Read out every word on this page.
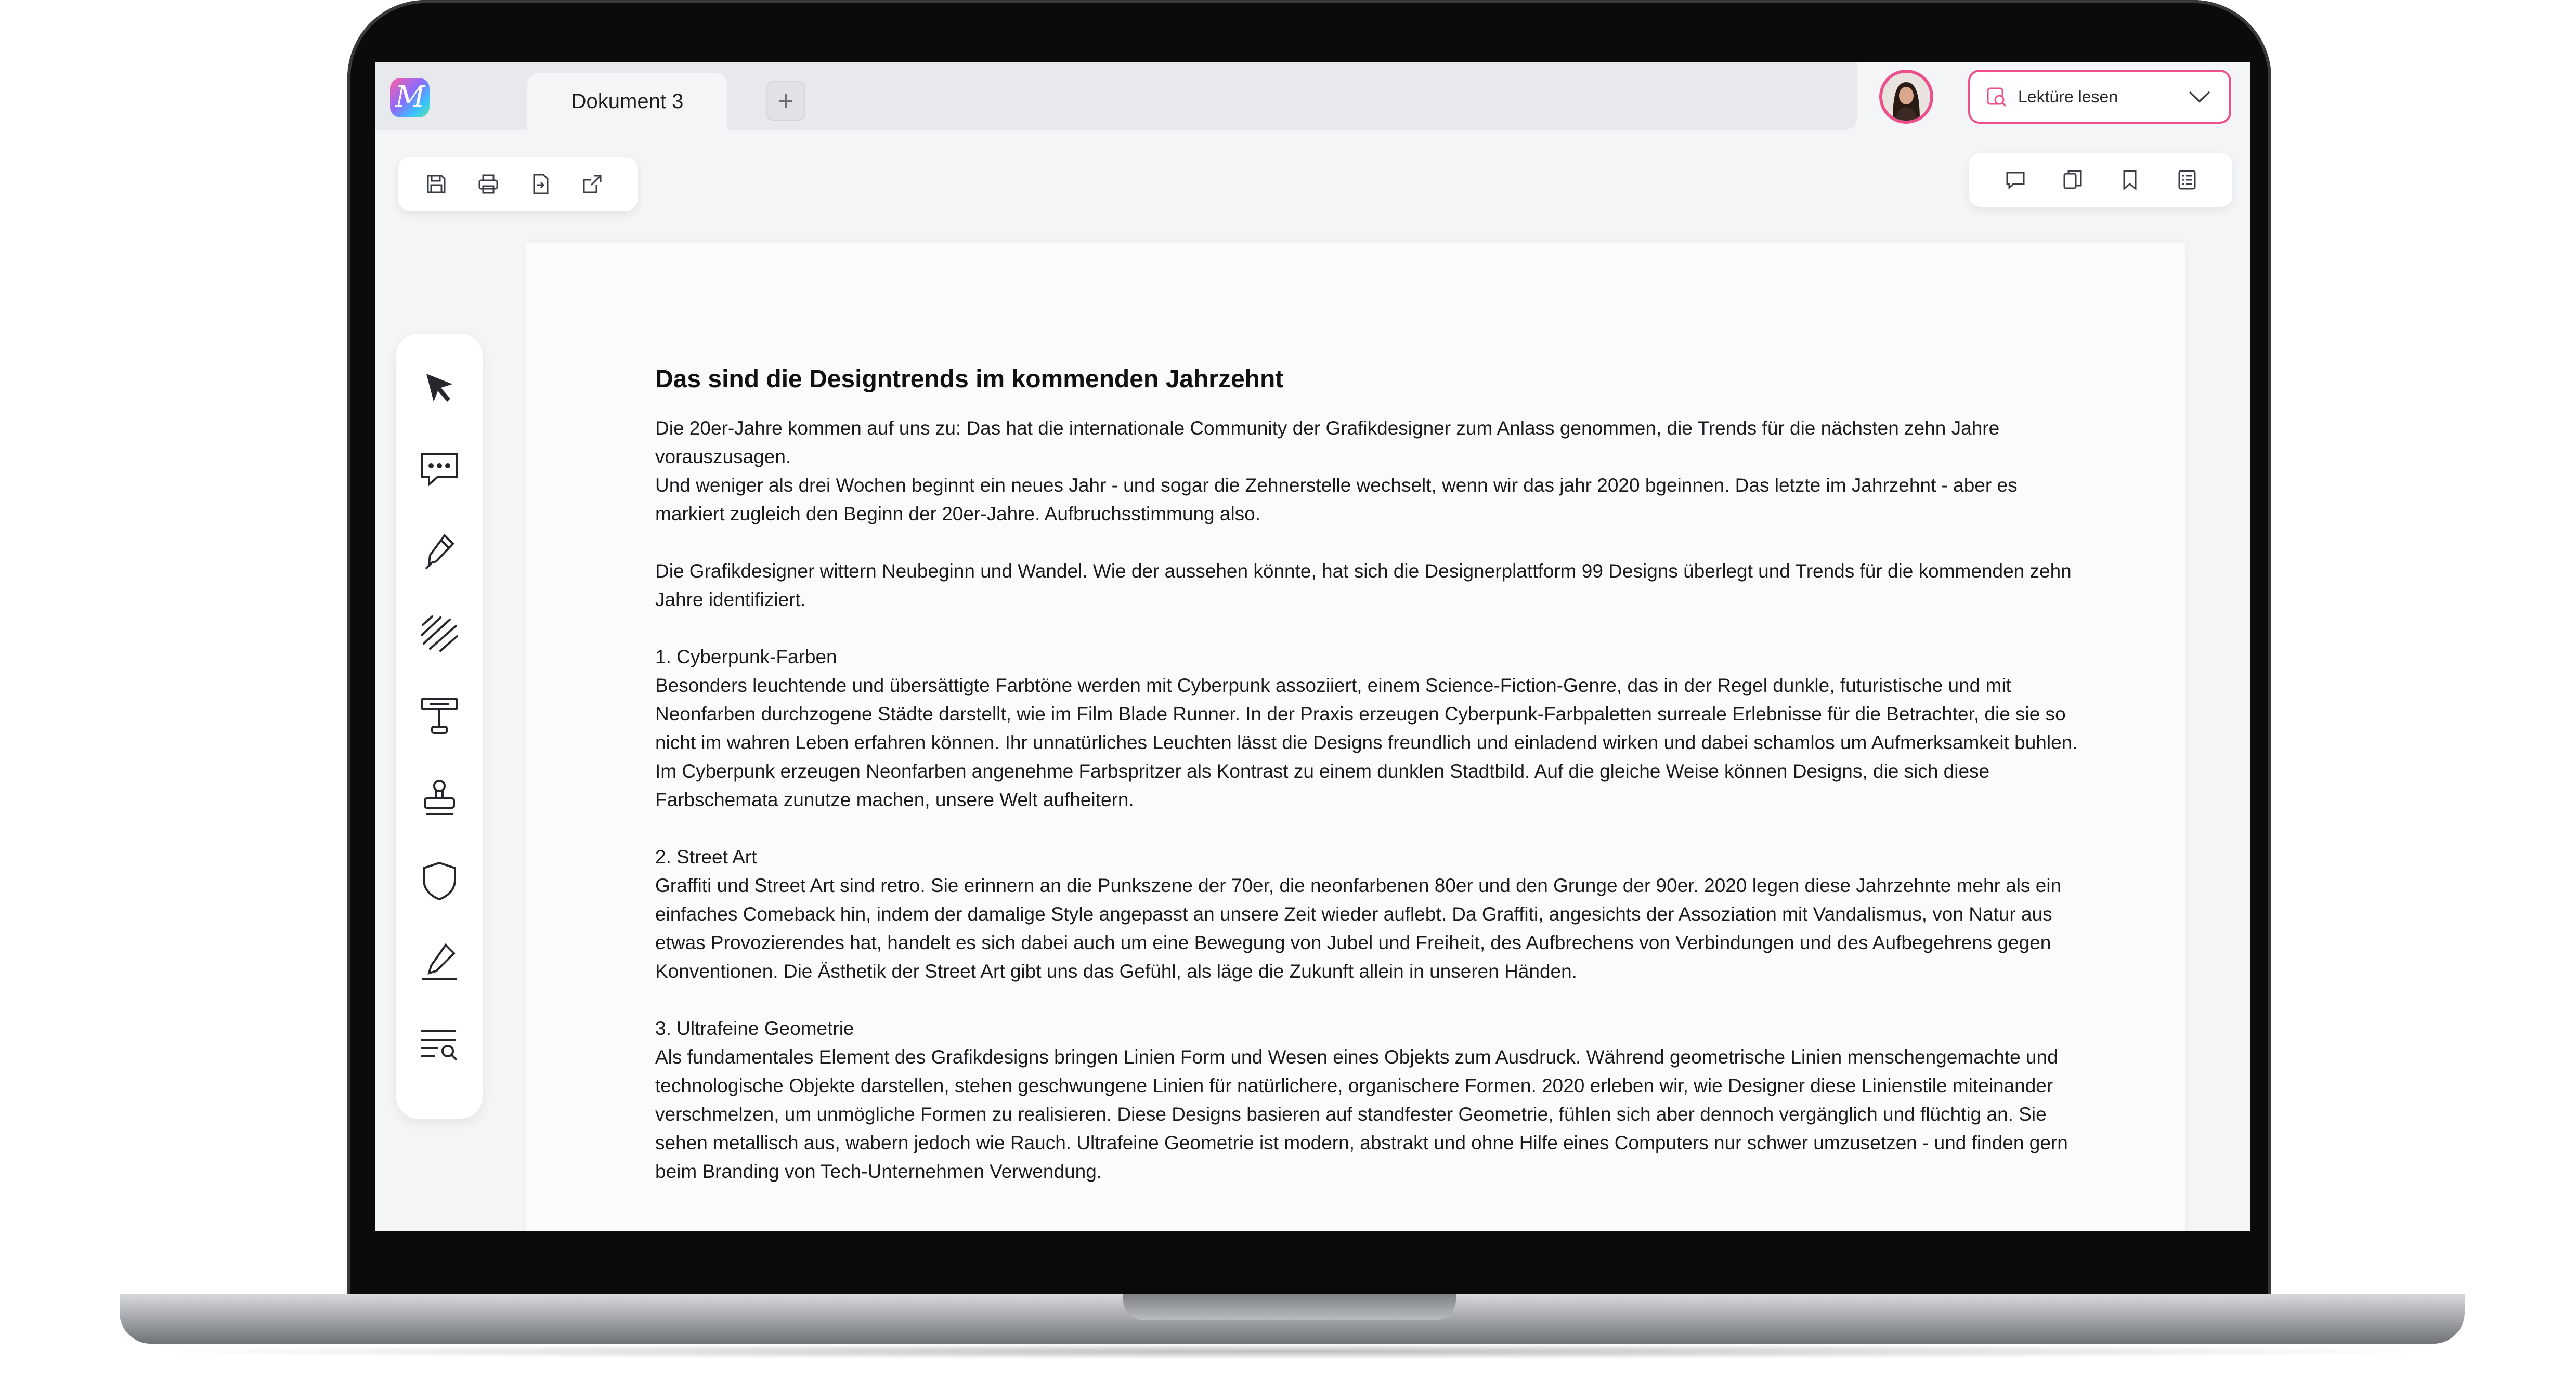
M	Dokument 3	+	Lektüre lesen
Das sind die Designtrends im kommenden Jahrzehnt

Die 20er-Jahre kommen auf uns zu: Das hat die internationale Community der Grafikdesigner zum Anlass genommen, die Trends für die nächsten zehn Jahre vorauszusagen.

Und weniger als drei Wochen beginnt ein neues Jahr - und sogar die Zehnerstelle wechselt, wenn wir das jahr 2020 bgeinnen. Das letzte im Jahrzehnt - aber es markiert zugleich den Beginn der 20er-Jahre. Aufbruchsstimmung also.

Die Grafikdesigner wittern Neubeginn und Wandel. Wie der aussehen könnte, hat sich die Designerplattform 99 Designs überlegt und Trends für die kommenden zehn Jahre identifiziert.

1. Cyberpunk-Farben

Besonders leuchtende und übersättigte Farbtöne werden mit Cyberpunk assoziiert, einem Science-Fiction-Genre, das in der Regel dunkle, futuristische und mit Neonfarben durchzogene Städte darstellt, wie im Film Blade Runner. In der Praxis erzeugen Cyberpunk-Farbpaletten surreale Erlebnisse für die Betrachter, die sie so nicht im wahren Leben erfahren können. Ihr unnatürliches Leuchten lässt die Designs freundlich und einladend wirken und dabei schamlos um Aufmerksamkeit buhlen. Im Cyberpunk erzeugen Neonfarben angenehme Farbspritzer als Kontrast zu einem dunklen Stadtbild. Auf die gleiche Weise können Designs, die sich diese Farbschemata zunutze machen, unsere Welt aufheitern.

2. Street Art

Graffiti und Street Art sind retro. Sie erinnern an die Punkszene der 70er, die neonfarbenen 80er und den Grunge der 90er. 2020 legen diese Jahrzehnte mehr als ein einfaches Comeback hin, indem der damalige Style angepasst an unsere Zeit wieder auflebt. Da Graffiti, angesichts der Assoziation mit Vandalismus, von Natur aus etwas Provozierendes hat, handelt es sich dabei auch um eine Bewegung von Jubel und Freiheit, des Aufbrechens von Verbindungen und des Aufbegehrens gegen Konventionen. Die Ästhetik der Street Art gibt uns das Gefühl, als läge die Zukunft allein in unseren Händen.

3. Ultrafeine Geometrie

Als fundamentales Element des Grafikdesigns bringen Linien Form und Wesen eines Objekts zum Ausdruck. Während geometrische Linien menschengemachte und technologische Objekte darstellen, stehen geschwungene Linien für natürlichere, organischere Formen. 2020 erleben wir, wie Designer diese Linienstile miteinander verschmelzen, um unmögliche Formen zu realisieren. Diese Designs basieren auf standfester Geometrie, fühlen sich aber dennoch vergänglich und flüchtig an. Sie sehen metallisch aus, wabern jedoch wie Rauch. Ultrafeine Geometrie ist modern, abstrakt und ohne Hilfe eines Computers nur schwer umzusetzen - und finden gern beim Branding von Tech-Unternehmen Verwendung.
